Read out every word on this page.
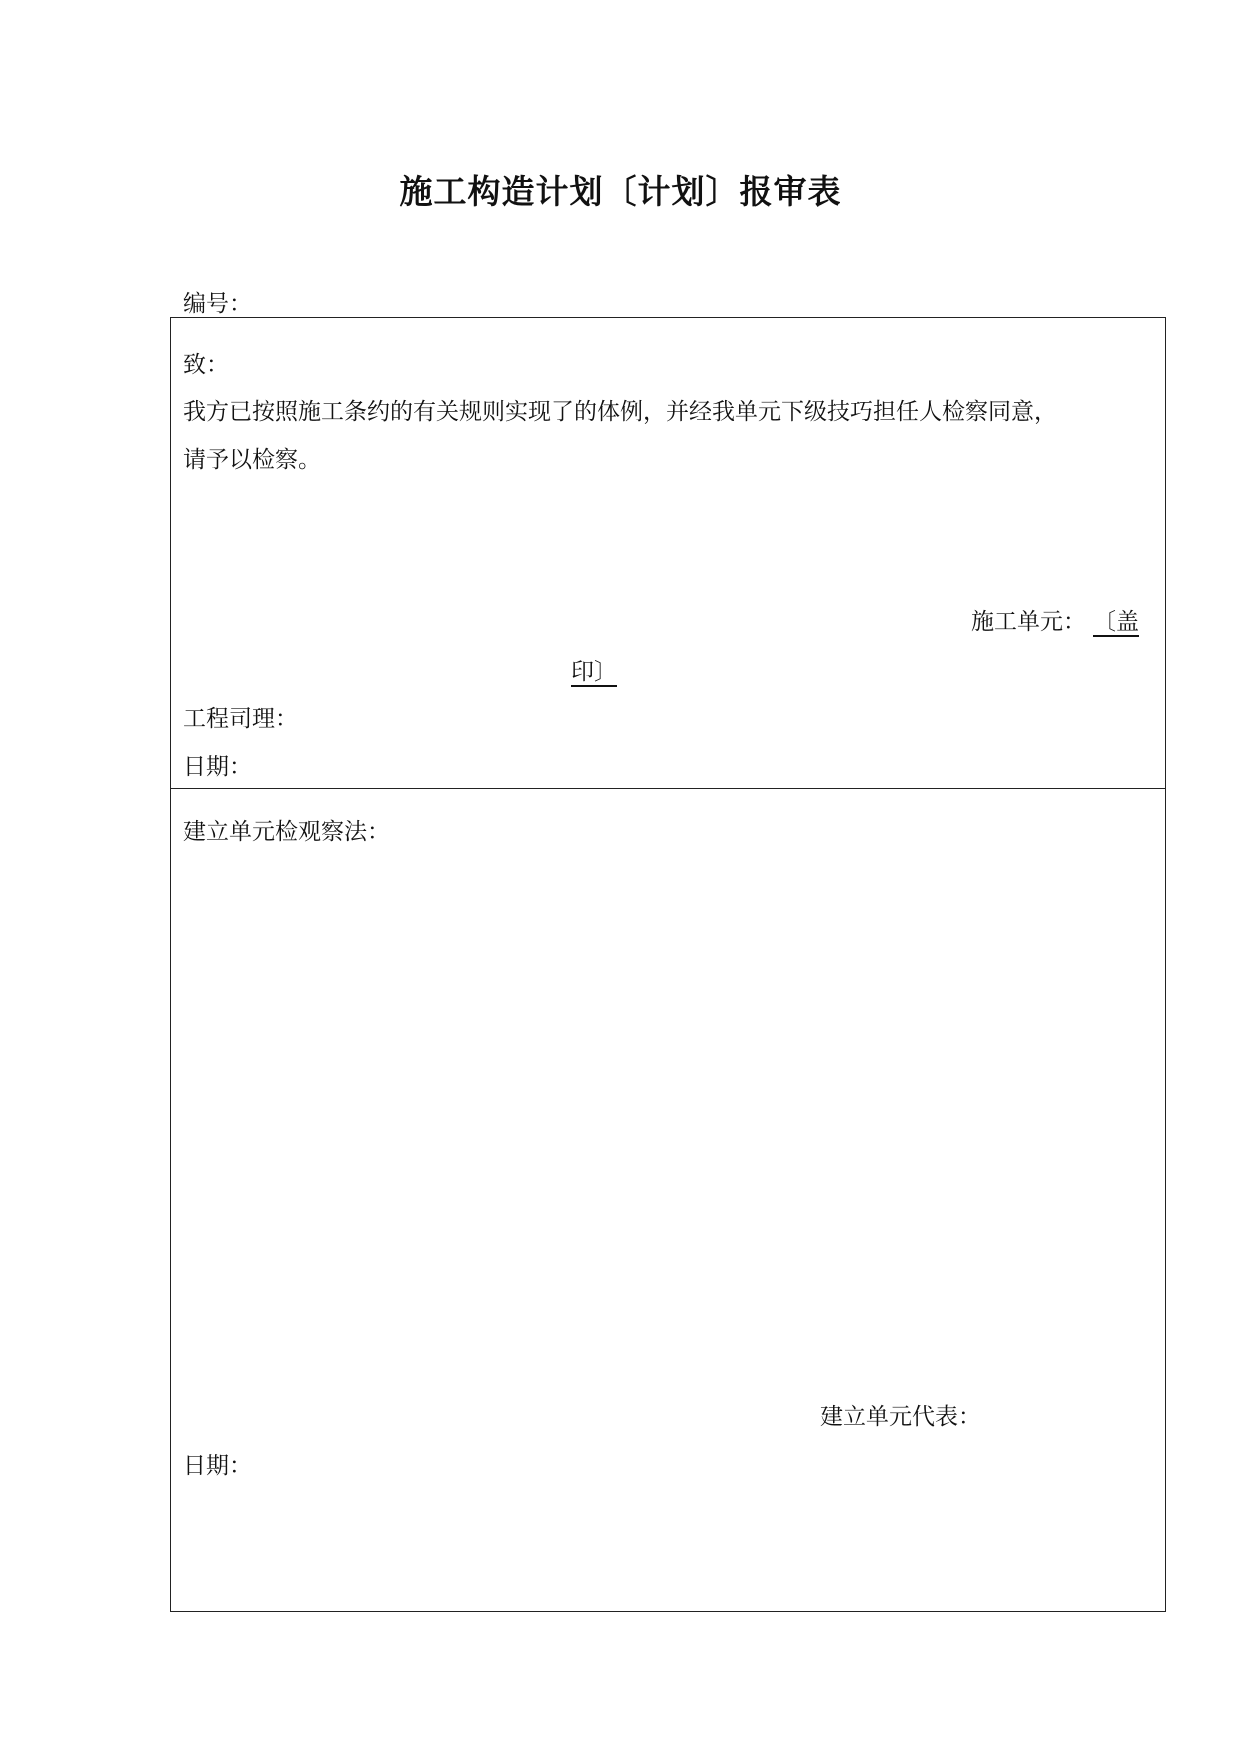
施工构造计划〔计划〕报审表
编号：
致：
我方已按照施工条约的有关规则实现了的体例，并经我单元下级技巧担任人检察同意，
请予以检察。
施工单元： 〔盖
印〕
工程司理：
日期：
建立单元检观察法：
建立单元代表：
日期：
